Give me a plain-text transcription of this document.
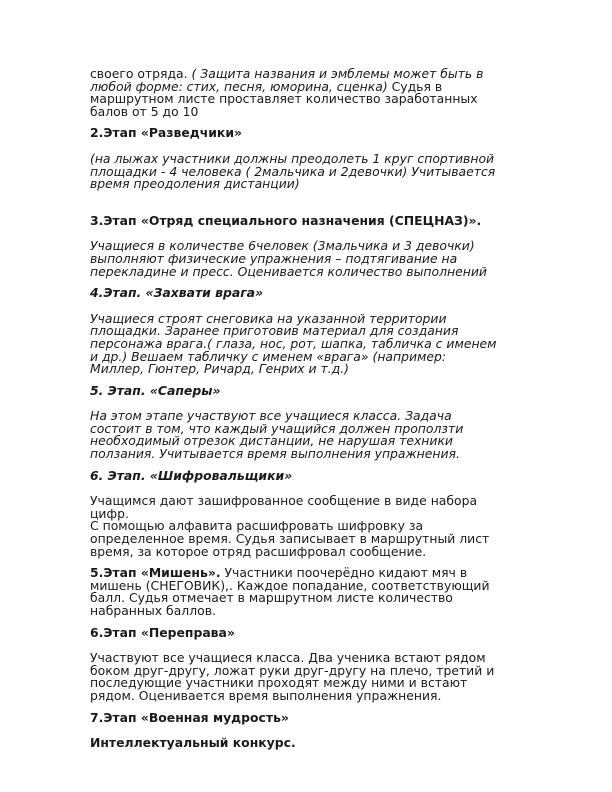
своего отряда. ( Защита названия и эмблемы может быть в
любой форме: стих, песня, юморина, сценка) Судья в
маршрутном листе проставляет количество заработанных
балов от 5 до 10
2.Этап «Разведчики»
(на лыжах участники должны преодолеть 1 круг спортивной
площадки - 4 человека ( 2мальчика и 2девочки) Учитывается
время преодоления дистанции)
3.Этап «Отряд специального назначения (СПЕЦНАЗ)».
Учащиеся в количестве 6человек (3мальчика и 3 девочки)
выполняют физические упражнения – подтягивание на
перекладине и пресс. Оценивается количество выполнений
4.Этап. «Захвати врага»
Учащиеся строят снеговика на указанной территории
площадки. Заранее приготовив материал для создания
персонажа врага.( глаза, нос, рот, шапка, табличка с именем
и др.) Вешаем табличку с именем «врага» (например:
Миллер, Гюнтер, Ричард, Генрих и т.д.)
5. Этап. «Саперы»
На этом этапе участвуют все учащиеся класса. Задача
состоит в том, что каждый учащийся должен проползти
необходимый отрезок дистанции, не нарушая техники
ползания. Учитывается время выполнения упражнения.
6. Этап. «Шифровальщики»
Учащимся дают зашифрованное сообщение в виде набора
цифр.
С помощью алфавита расшифровать шифровку за
определенное время. Судья записывает в маршрутный лист
время, за которое отряд расшифровал сообщение.
5.Этап «Мишень». Участники поочерёдно кидают мяч в
мишень (СНЕГОВИК),. Каждое попадание, соответствующий
балл. Судья отмечает в маршрутном листе количество
набранных баллов.
6.Этап «Переправа»
Участвуют все учащиеся класса. Два ученика встают рядом
боком друг-другу, ложат руки друг-другу на плечо, третий и
последующие участники проходят между ними и встают
рядом. Оценивается время выполнения упражнения.
7.Этап «Военная мудрость»
Интеллектуальный конкурс.
